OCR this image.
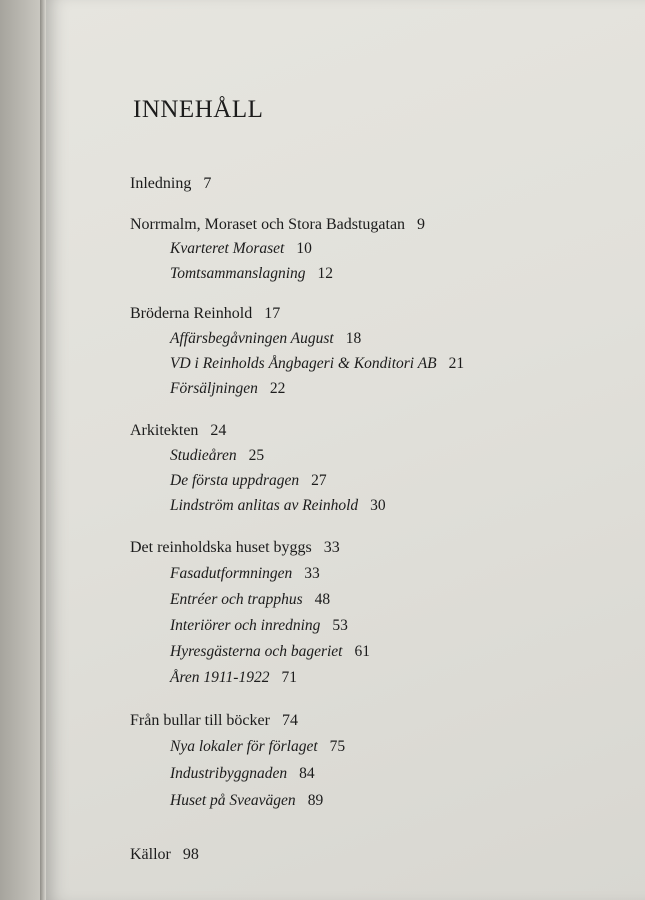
INNEHÅLL
Inledning 7
Norrmalm, Moraset och Stora Badstugatan 9
Kvarteret Moraset 10
Tomtsammanslagning 12
Bröderna Reinhold 17
Affärsbegåvningen August 18
VD i Reinholds Ångbageri & Konditori AB 21
Försäljningen 22
Arkitekten 24
Studieåren 25
De första uppdragen 27
Lindström anlitas av Reinhold 30
Det reinholdska huset byggs 33
Fasadutformningen 33
Entréer och trapphus 48
Interiörer och inredning 53
Hyresgästerna och bageriet 61
Åren 1911-1922 71
Från bullar till böcker 74
Nya lokaler för förlaget 75
Industribyggnaden 84
Huset på Sveavägen 89
Källor 98
